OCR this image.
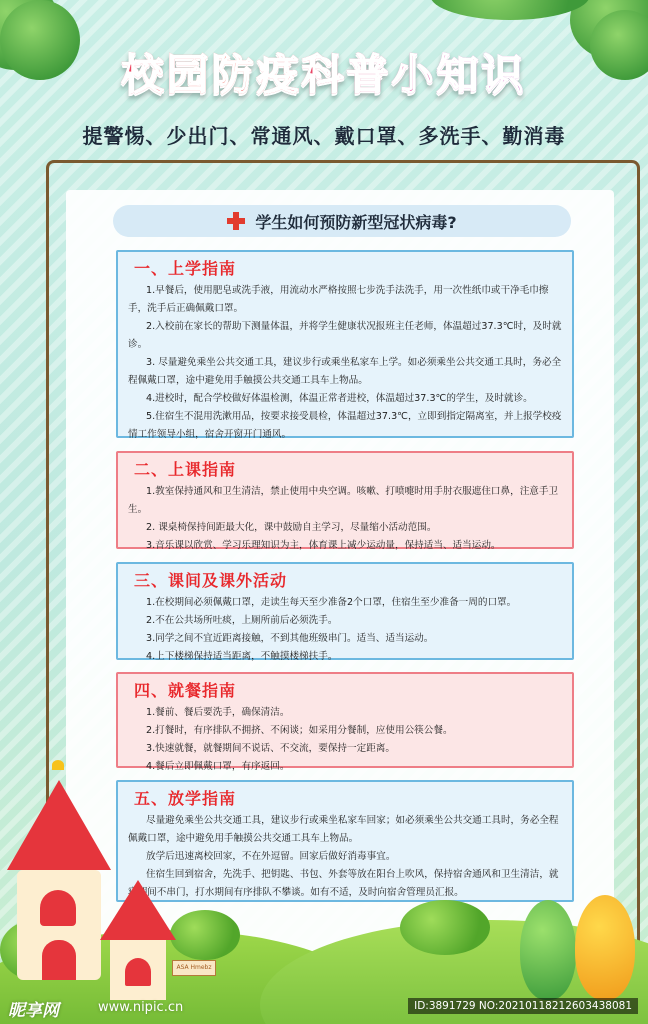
校园防疫科普小知识
提警惕、少出门、常通风、戴口罩、多洗手、勤消毒
学生如何预防新型冠状病毒?
一、上学指南
1.早餐后，使用肥皂或洗手液，用流动水严格按照七步洗手法洗手，用一次性纸巾或干净毛巾擦手，洗手后正确佩戴口罩。
2.入校前在家长的帮助下测量体温，并将学生健康状况报班主任老师，体温超过37.3℃时，及时就诊。
3. 尽量避免乘坐公共交通工具，建议步行或乘坐私家车上学。如必须乘坐公共交通工具时，务必全程佩戴口罩，途中避免用手触摸公共交通工具车上物品。
4.进校时，配合学校做好体温检测，体温正常者进校，体温超过37.3℃的学生，及时就诊。
5.住宿生不混用洗漱用品，按要求接受晨检，体温超过37.3℃，立即到指定隔离室，并上报学校疫情工作领导小组，宿舍开窗开门通风。
二、上课指南
1.教室保持通风和卫生清洁，禁止使用中央空调。咳嗽、打喷嚏时用手肘衣服遮住口鼻，注意手卫生。
2. 课桌椅保持间距最大化，课中鼓励自主学习，尽量缩小活动范围。
3.音乐课以欣赏、学习乐理知识为主，体育课上减少运动量，保持适当、适当运动。
三、课间及课外活动
1.在校期间必须佩戴口罩，走读生每天至少准备2个口罩，住宿生至少准备一周的口罩。
2.不在公共场所吐痰，上厕所前后必须洗手。
3.同学之间不宜近距离接触，不到其他班级串门。适当、适当运动。
4.上下楼梯保持适当距离，不触摸楼梯扶手。
四、就餐指南
1.餐前、餐后要洗手，确保清洁。
2.打餐时，有序排队不拥挤、不闲谈；如采用分餐制，应使用公筷公餐。
3.快速就餐，就餐期间不说话、不交流，要保持一定距离。
4.餐后立即佩戴口罩，有序返回。
五、放学指南
尽量避免乘坐公共交通工具，建议步行或乘坐私家车回家；如必须乘坐公共交通工具时，务必全程佩戴口罩，途中避免用手触摸公共交通工具车上物品。
放学后迅速离校回家，不在外逗留。回家后做好消毒事宜。
住宿生回到宿舍，先洗手、把钥匙、书包、外套等放在阳台上吹风，保持宿舍通风和卫生清洁，就寝期间不串门，打水期间有序排队不攀谈。如有不适，及时向宿舍管理员汇报。
ASA Hmebz
昵享网	www.nipic.cn	ID:3891729 NO:20210118212603438081
